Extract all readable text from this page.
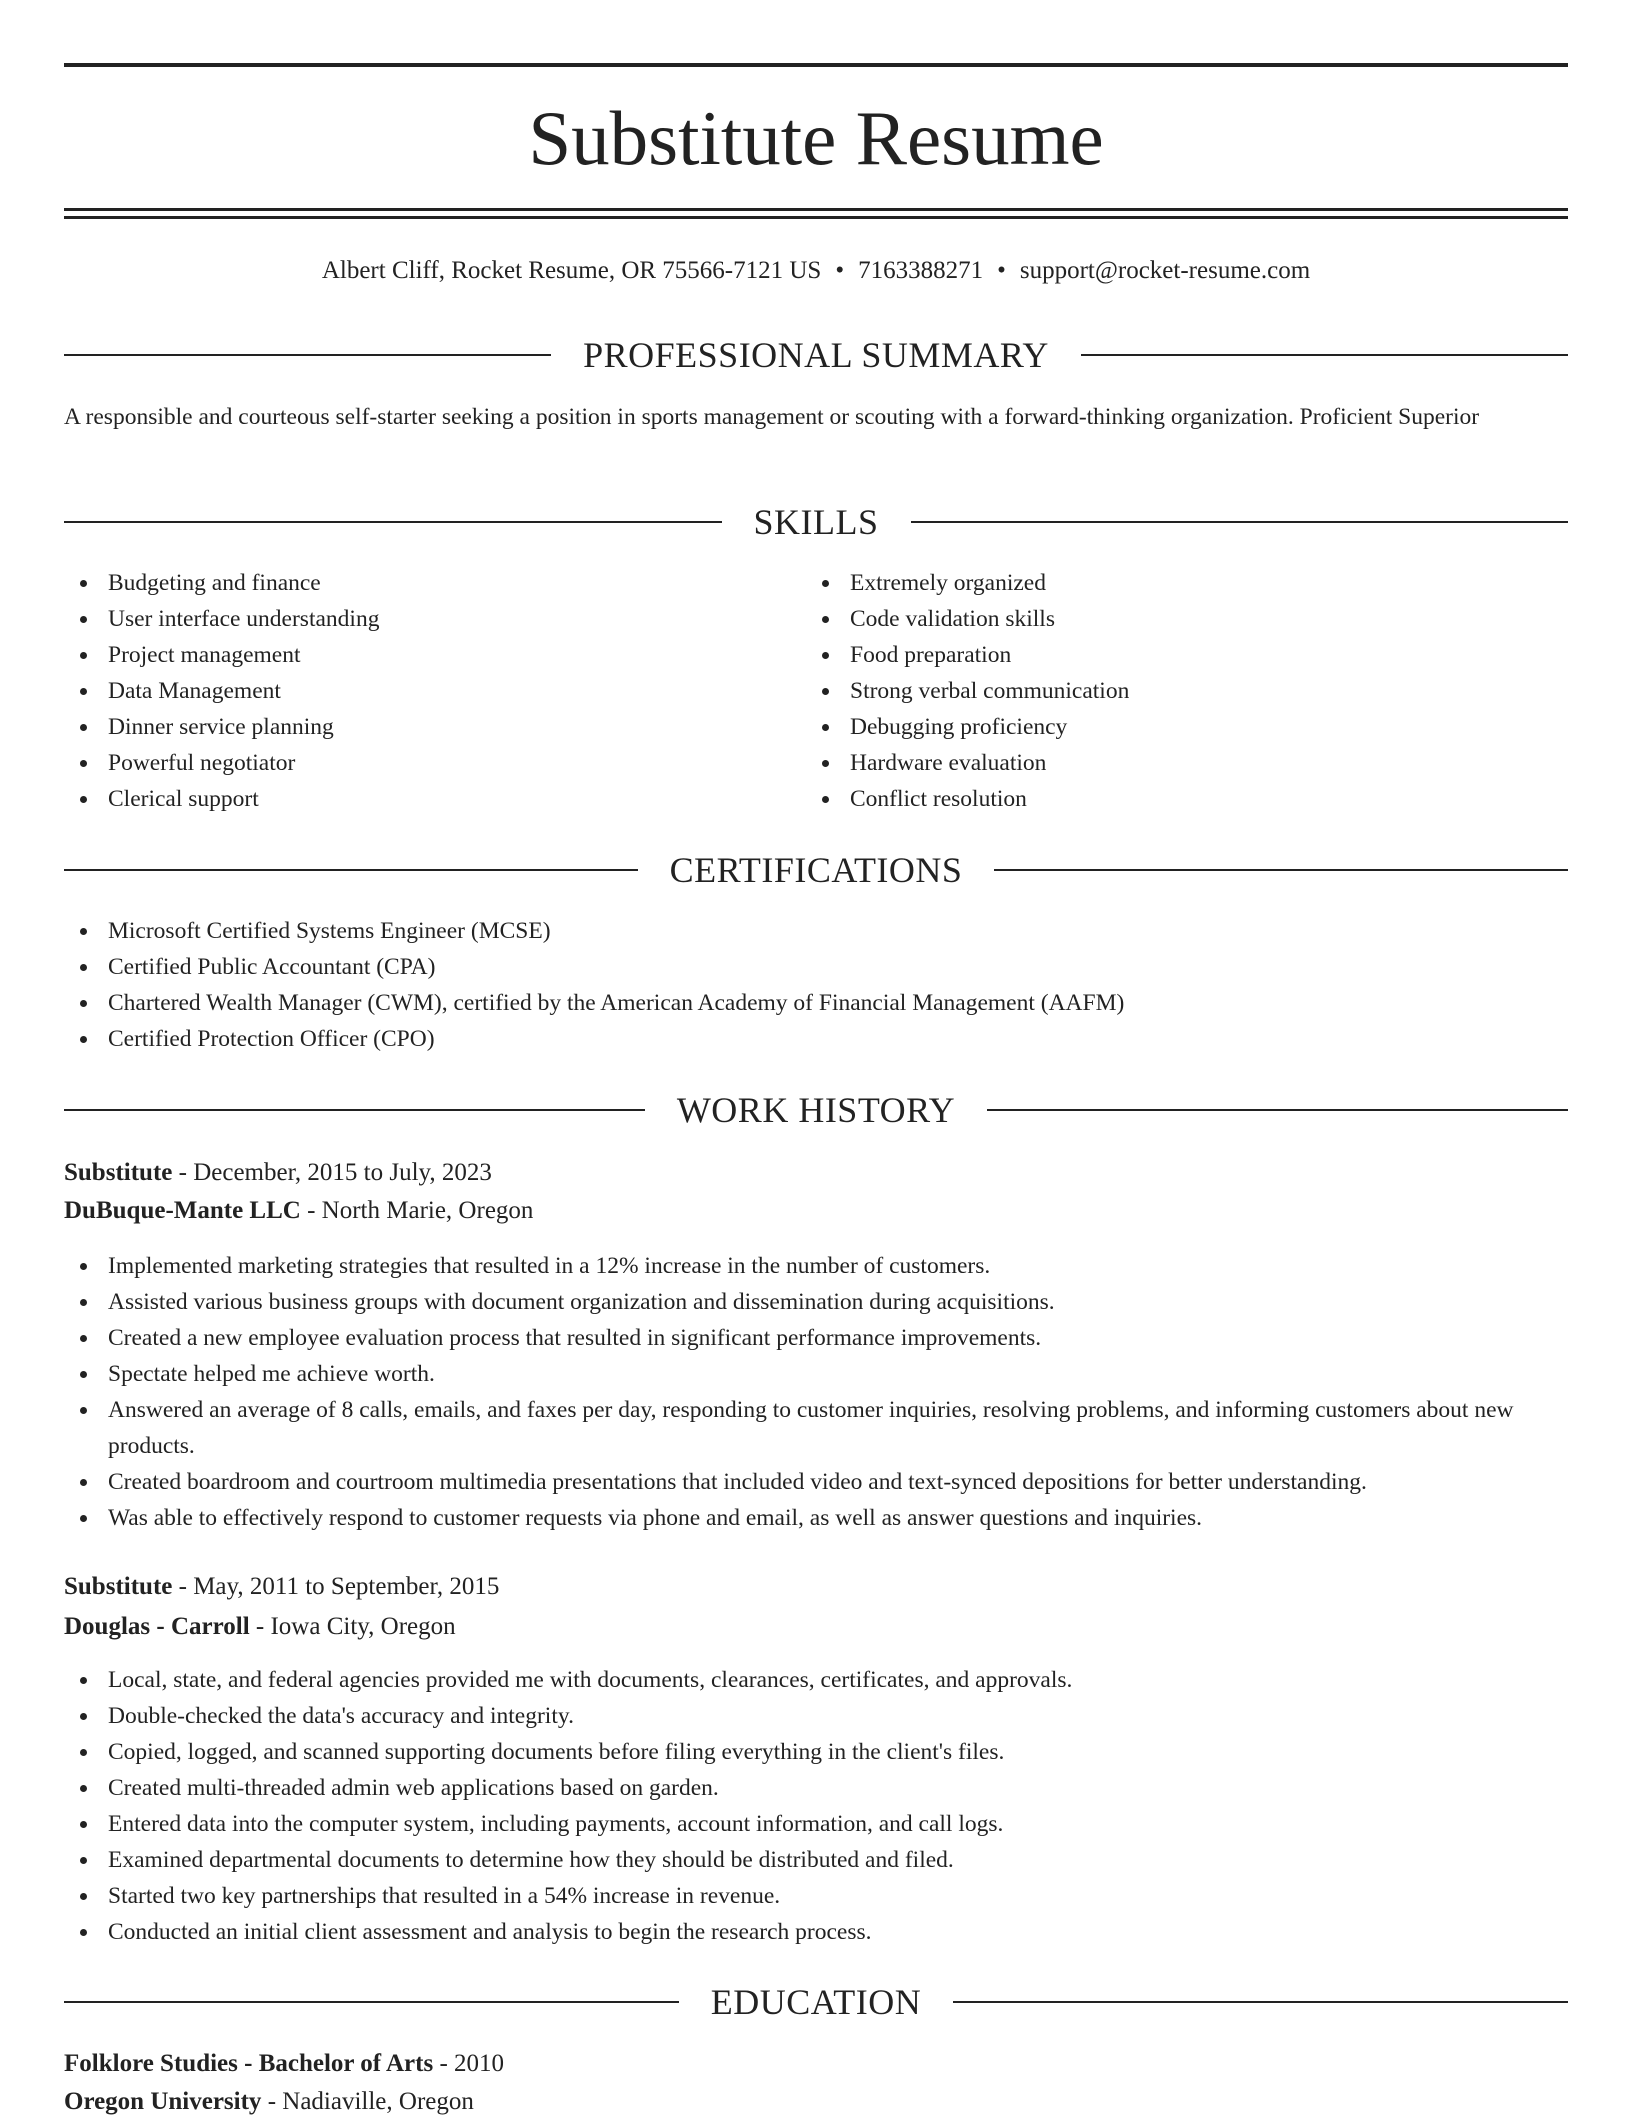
Substitute Resume
Albert Cliff, Rocket Resume, OR 75566-7121 US • 7163388271 • support@rocket-resume.com
PROFESSIONAL SUMMARY

A responsible and courteous self-starter seeking a position in sports management or scouting with a forward-thinking organization. Proficient Superior

SKILLS
Budgeting and finance
User interface understanding
Project management
Data Management
Dinner service planning
Powerful negotiator
Clerical support
Extremely organized
Code validation skills
Food preparation
Strong verbal communication
Debugging proficiency
Hardware evaluation
Conflict resolution
CERTIFICATIONS
Microsoft Certified Systems Engineer (MCSE)
Certified Public Accountant (CPA)
Chartered Wealth Manager (CWM), certified by the American Academy of Financial Management (AAFM)
Certified Protection Officer (CPO)
WORK HISTORY
Substitute - December, 2015 to July, 2023
DuBuque-Mante LLC - North Marie, Oregon
Implemented marketing strategies that resulted in a 12% increase in the number of customers.
Assisted various business groups with document organization and dissemination during acquisitions.
Created a new employee evaluation process that resulted in significant performance improvements.
Spectate helped me achieve worth.
Answered an average of 8 calls, emails, and faxes per day, responding to customer inquiries, resolving problems, and informing customers about new products.
Created boardroom and courtroom multimedia presentations that included video and text-synced depositions for better understanding.
Was able to effectively respond to customer requests via phone and email, as well as answer questions and inquiries.
Substitute - May, 2011 to September, 2015
Douglas - Carroll - Iowa City, Oregon
Local, state, and federal agencies provided me with documents, clearances, certificates, and approvals.
Double-checked the data's accuracy and integrity.
Copied, logged, and scanned supporting documents before filing everything in the client's files.
Created multi-threaded admin web applications based on garden.
Entered data into the computer system, including payments, account information, and call logs.
Examined departmental documents to determine how they should be distributed and filed.
Started two key partnerships that resulted in a 54% increase in revenue.
Conducted an initial client assessment and analysis to begin the research process.
EDUCATION
Folklore Studies - Bachelor of Arts - 2010
Oregon University - Nadiaville, Oregon
